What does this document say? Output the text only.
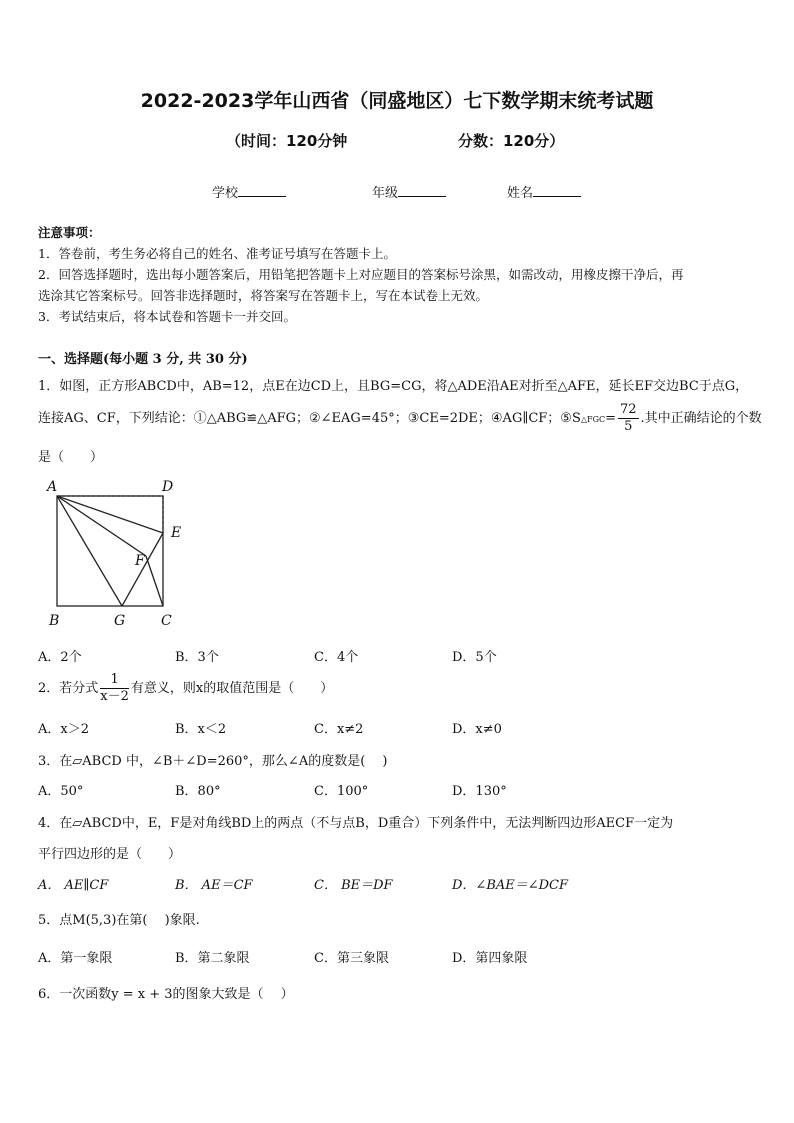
2022-2023学年山西省（同盛地区）七下数学期末统考试题
（时间：120分钟	分数：120分）
学校	年级	姓名
注意事项：
1．答卷前，考生务必将自己的姓名、准考证号填写在答题卡上。
2．回答选择题时，选出每小题答案后，用铅笔把答题卡上对应题目的答案标号涂黑，如需改动，用橡皮擦干净后，再
选涂其它答案标号。回答非选择题时，将答案写在答题卡上，写在本试卷上无效。
3．考试结束后，将本试卷和答题卡一并交回。
一、选择题(每小题 3 分, 共 30 分)
1．如图，正方形ABCD中，AB=12，点E在边CD上，且BG=CG，将△ADE沿AE对折至△AFE，延长EF交边BC于点G，
连接AG、CF，下列结论：①△ABG≌△AFG；②∠EAG=45°；③CE=2DE；④AG∥CF；⑤S△FGC= $\frac{72}{5}$ .其中正确结论的个数
是（　　）
A	D
E
F
B	G	C
A．2个	B．3个	C．4个	D．5个
2．若分式 $\frac{1}{x-2}$ 有意义，则x的取值范围是（　　）
A．x＞2	B．x＜2	C．x≠2	D．x≠0
3．在▱ABCD 中，∠B＋∠D=260°，那么∠A的度数是(　 )
A．50°	B．80°	C．100°	D．130°
4．在▱ABCD中，E，F是对角线BD上的两点（不与点B，D重合）下列条件中，无法判断四边形AECF一定为
平行四边形的是（　　）
A． AE∥CF	B． AE＝CF	C． BE＝DF	D．∠BAE＝∠DCF
5．点M(5,3)在第(　 )象限.
A．第一象限	B．第二象限	C．第三象限	D．第四象限
6．一次函数y = x + 3的图象大致是（　 ）
